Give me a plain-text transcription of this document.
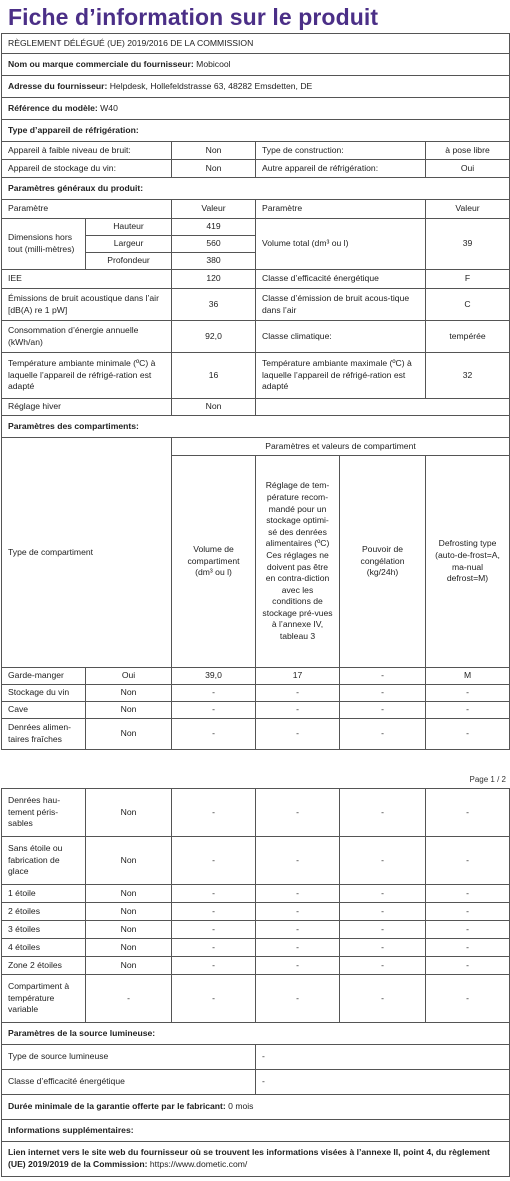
Fiche d’information sur le produit
RÈGLEMENT DÉLÉGUÉ (UE) 2019/2016 DE LA COMMISSION					
Nom ou marque commerciale du fournisseur: Mobicool					
Adresse du fournisseur: Helpdesk, Hollefeldstrasse 63, 48282 Emsdetten, DE					
Référence du modèle: W40					
Type d’appareil de réfrigération:					
Appareil à faible niveau de bruit:		Non	Type de construction:		à pose libre
Appareil de stockage du vin:		Non	Autre appareil de réfrigération:		Oui
Paramètres généraux du produit:					
Paramètre		Valeur	Paramètre		Valeur
Dimensions hors tout (milli-mètres)	Hauteur	419	Volume total (dm³ ou l)		39
	Largeur	560			
	Profondeur	380			
IEE		120	Classe d’efficacité énergétique		F
Émissions de bruit acoustique dans l’air [dB(A) re 1 pW]		36	Classe d’émission de bruit acous-tique dans l’air		C
Consommation d’énergie annuelle (kWh/an)		92,0	Classe climatique:		tempérée
Température ambiante minimale (ºC) à laquelle l’appareil de réfrigé-ration est adapté		16	Température ambiante maximale (ºC) à laquelle l’appareil de réfrigé-ration est adapté		32
Réglage hiver		Non			
Paramètres des compartiments:					
Type de compartiment		Paramètres et valeurs de compartiment			
		Volume de compartiment (dm³ ou l)	Réglage de tem-pérature recom-mandé pour un stockage optimi-sé des denrées alimentaires (ºC) Ces réglages ne doivent pas être en contra-diction avec les conditions de stockage pré-vues à l’annexe IV, tableau 3	Pouvoir de congélation (kg/24h)	Defrosting type (auto-de-frost=A, ma-nual defrost=M)
Garde-manger	Oui	39,0	17	-	M
Stockage du vin	Non	-	-	-	-
Cave	Non	-	-	-	-
Denrées alimen-taires fraîches	Non	-	-	-	-
Page 1 / 2
Denrées hau-tement péris-sables	Non	-	-	-	-
Sans étoile ou fabrication de glace	Non	-	-	-	-
1 étoile	Non	-	-	-	-
2 étoiles	Non	-	-	-	-
3 étoiles	Non	-	-	-	-
4 étoiles	Non	-	-	-	-
Zone 2 étoiles	Non	-	-	-	-
Compartiment à température variable	-	-	-	-	-
Paramètres de la source lumineuse:					
Type de source lumineuse			-		
Classe d’efficacité énergétique			-		
Durée minimale de la garantie offerte par le fabricant: 0 mois					
Informations supplémentaires:					
Lien internet vers le site web du fournisseur où se trouvent les informations visées à l’annexe II, point 4, du règlement (UE) 2019/2019 de la Commission: https://www.dometic.com/					
